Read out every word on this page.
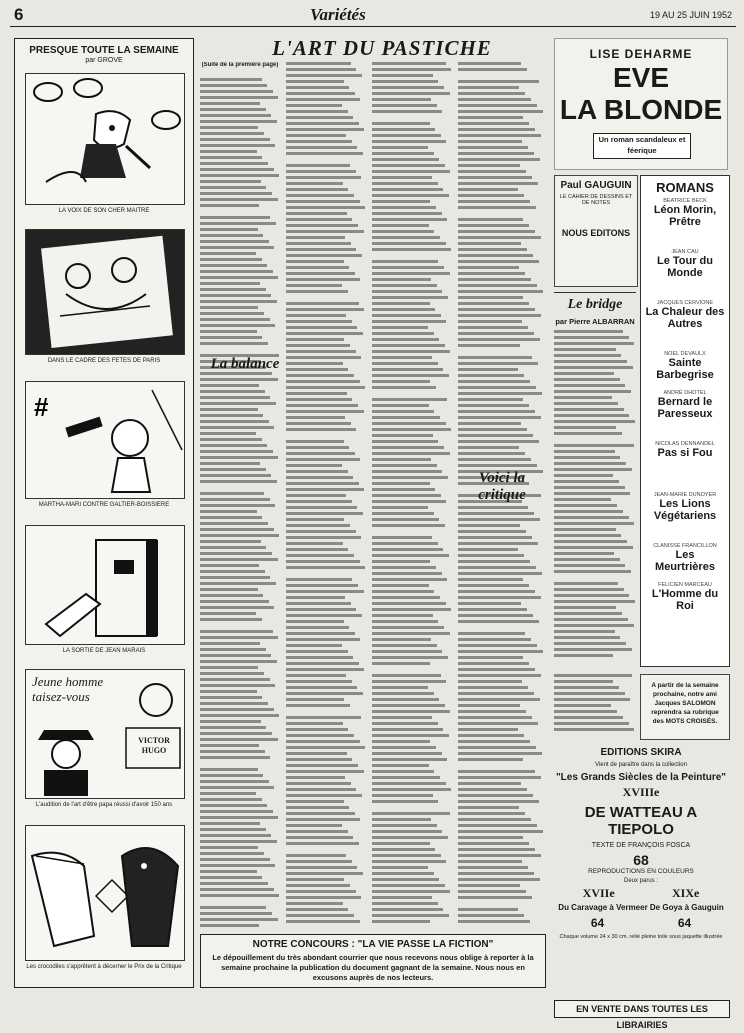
6	Variétés	19 AU 25 JUIN 1952
PRESQUE TOUTE LA SEMAINE
par GROVE
LA VOIX DE SON CHER MAITRE
DANS LE CADRE DES FETES DE PARIS
#
MARTHA-MARI CONTRE GALTIER-BOISSIERE
LA SORTIE DE JEAN MARAIS
Jeune homme taisez-vous
VICTOR HUGO
L'audition de l'art d'être papa réussi d'avoir 150 ans
Les crocodiles s'apprêtent à décerner le Prix de la Critique
L'ART DU PASTICHE
(Suite de la première page)
La balance
Voici la critique
NOTRE CONCOURS : "LA VIE PASSE LA FICTION"
Le dépouillement du très abondant courrier que nous recevons nous oblige à reporter à la semaine prochaine la publication du document gagnant de la semaine. Nous nous en excusons auprès de nos lecteurs.
LISE DEHARME
EVE
LA BLONDE
Un roman scandaleux et féerique
Paul GAUGUIN
LE CAHIER DE DESSINS ET DE NOTES
NOUS EDITONS
ROMANS
BEATRICE BECK
Léon Morin, Prêtre
JEAN CAU
Le Tour du Monde
JACQUES CERVIONE
La Chaleur des Autres
NOEL DEVAULX
Sainte Barbegrise
ANDRÉ DHOTEL
Bernard le Paresseux
NICOLAS DENNANDEL
Pas si Fou
JEAN-MARIE DUNOYER
Les Lions Végétariens
CLANISSE FRANCILLON
Les Meurtrières
FELICIEN MARCEAU
L'Homme du Roi
Le bridge
par Pierre ALBARRAN
A partir de la semaine prochaine, notre ami Jacques SALOMON reprendra sa rubrique des MOTS CROISÉS.
EDITIONS SKIRA
Vient de paraître dans la collection
"Les Grands Siècles de la Peinture"
XVIIIe
DE WATTEAU A TIEPOLO
TEXTE DE FRANÇOIS FOSCA
68
REPRODUCTIONS EN COULEURS
Deux parus :
XVIIe	XIXe
Du Caravage à Vermeer De Goya à Gauguin
64	64
Chaque volume 24 x 30 cm. relié pleine toile sous jaquette illustrée
EN VENTE DANS TOUTES LES LIBRAIRIES
